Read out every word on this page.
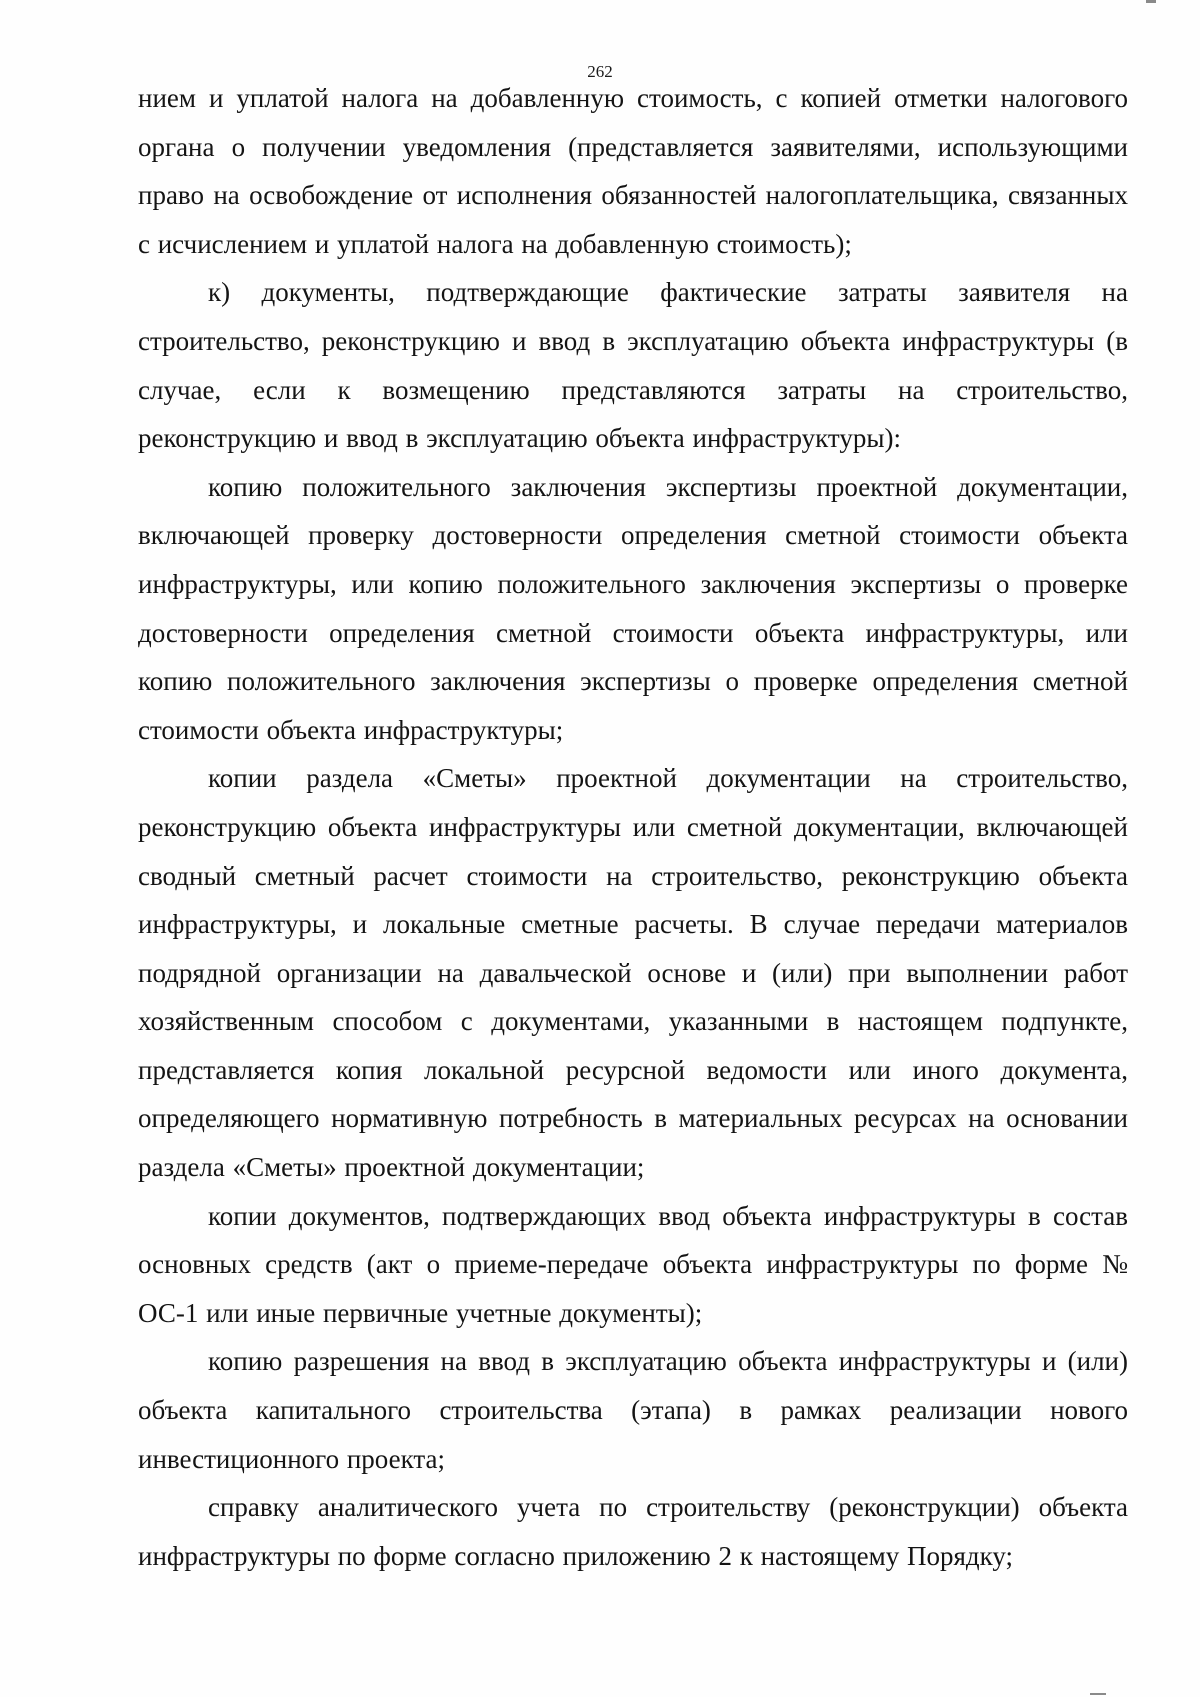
262

нием и уплатой налога на добавленную стоимость, с копией отметки налогового органа о получении уведомления (представляется заявителями, использующими право на освобождение от исполнения обязанностей налогоплательщика, связанных с исчислением и уплатой налога на добавленную стоимость);

к) документы, подтверждающие фактические затраты заявителя на строительство, реконструкцию и ввод в эксплуатацию объекта инфраструктуры (в случае, если к возмещению представляются затраты на строительство, реконструкцию и ввод в эксплуатацию объекта инфраструктуры):

копию положительного заключения экспертизы проектной документации, включающей проверку достоверности определения сметной стоимости объекта инфраструктуры, или копию положительного заключения экспертизы о проверке достоверности определения сметной стоимости объекта инфраструктуры, или копию положительного заключения экспертизы о проверке определения сметной стоимости объекта инфраструктуры;

копии раздела «Сметы» проектной документации на строительство, реконструкцию объекта инфраструктуры или сметной документации, включающей сводный сметный расчет стоимости на строительство, реконструкцию объекта инфраструктуры, и локальные сметные расчеты. В случае передачи материалов подрядной организации на давальческой основе и (или) при выполнении работ хозяйственным способом с документами, указанными в настоящем подпункте, представляется копия локальной ресурсной ведомости или иного документа, определяющего нормативную потребность в материальных ресурсах на основании раздела «Сметы» проектной документации;

копии документов, подтверждающих ввод объекта инфраструктуры в состав основных средств (акт о приеме-передаче объекта инфраструктуры по форме № ОС-1 или иные первичные учетные документы);

копию разрешения на ввод в эксплуатацию объекта инфраструктуры и (или) объекта капитального строительства (этапа) в рамках реализации нового инвестиционного проекта;

справку аналитического учета по строительству (реконструкции) объекта инфраструктуры по форме согласно приложению 2 к настоящему Порядку;
